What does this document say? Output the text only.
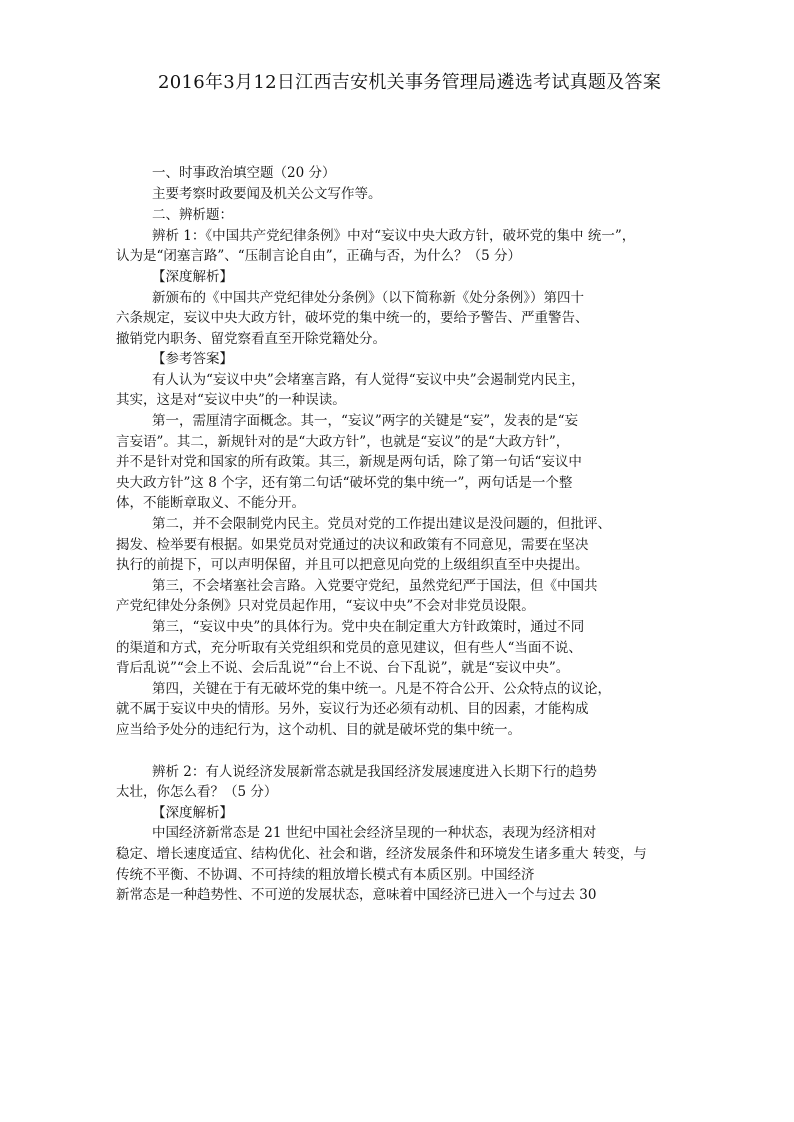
2016年3月12日江西吉安机关事务管理局遴选考试真题及答案
一、时事政治填空题（20 分）
主要考察时政要闻及机关公文写作等。
二、辨析题：
辨析 1：《中国共产党纪律条例》中对“妄议中央大政方针，破坏党的集中 统一”，
认为是“闭塞言路”、“压制言论自由”，正确与否，为什么？（5 分）
【深度解析】
新颁布的《中国共产党纪律处分条例》（以下简称新《处分条例》）第四十
六条规定，妄议中央大政方针，破坏党的集中统一的，要给予警告、严重警告、
撤销党内职务、留党察看直至开除党籍处分。
【参考答案】
有人认为“妄议中央”会堵塞言路，有人觉得“妄议中央”会遏制党内民主，
其实，这是对“妄议中央”的一种误读。
第一，需厘清字面概念。其一，“妄议”两字的关键是“妄”，发表的是“妄
言妄语”。其二，新规针对的是“大政方针”，也就是“妄议”的是“大政方针”，
并不是针对党和国家的所有政策。其三，新规是两句话，除了第一句话“妄议中
央大政方针”这 8 个字，还有第二句话“破坏党的集中统一”，两句话是一个整
体，不能断章取义、不能分开。
第二，并不会限制党内民主。党员对党的工作提出建议是没问题的，但批评、
揭发、检举要有根据。如果党员对党通过的决议和政策有不同意见，需要在坚决
执行的前提下，可以声明保留，并且可以把意见向党的上级组织直至中央提出。
第三，不会堵塞社会言路。入党要守党纪，虽然党纪严于国法，但《中国共
产党纪律处分条例》只对党员起作用，“妄议中央”不会对非党员设限。
第三，“妄议中央”的具体行为。党中央在制定重大方针政策时，通过不同
的渠道和方式，充分听取有关党组织和党员的意见建议，但有些人“当面不说、
背后乱说”“会上不说、会后乱说”“台上不说、台下乱说”，就是“妄议中央”。
第四，关键在于有无破坏党的集中统一。凡是不符合公开、公众特点的议论，
就不属于妄议中央的情形。另外，妄议行为还必须有动机、目的因素，才能构成
应当给予处分的违纪行为，这个动机、目的就是破坏党的集中统一。
辨析 2：有人说经济发展新常态就是我国经济发展速度进入长期下行的趋势
太壮，你怎么看？（5 分）
【深度解析】
中国经济新常态是 21 世纪中国社会经济呈现的一种状态，表现为经济相对
稳定、增长速度适宜、结构优化、社会和谐，经济发展条件和环境发生诸多重大 转变，与
传统不平衡、不协调、不可持续的粗放增长模式有本质区别。中国经济
新常态是一种趋势性、不可逆的发展状态，意味着中国经济已进入一个与过去 30
